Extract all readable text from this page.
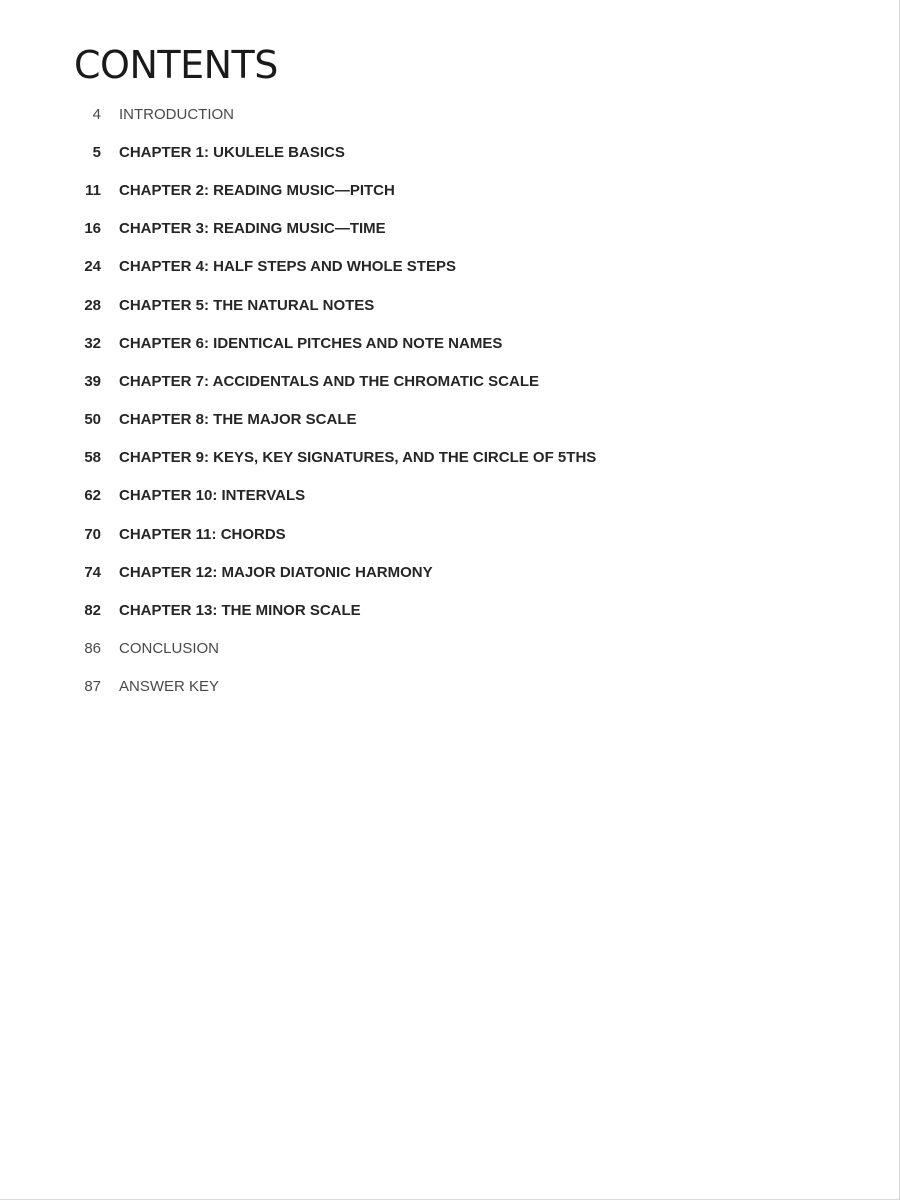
CONTENTS
4	INTRODUCTION
5	CHAPTER 1: UKULELE BASICS
11	CHAPTER 2: READING MUSIC—PITCH
16	CHAPTER 3: READING MUSIC—TIME
24	CHAPTER 4: HALF STEPS AND WHOLE STEPS
28	CHAPTER 5: THE NATURAL NOTES
32	CHAPTER 6: IDENTICAL PITCHES AND NOTE NAMES
39	CHAPTER 7: ACCIDENTALS AND THE CHROMATIC SCALE
50	CHAPTER 8: THE MAJOR SCALE
58	CHAPTER 9: KEYS, KEY SIGNATURES, AND THE CIRCLE OF 5THS
62	CHAPTER 10: INTERVALS
70	CHAPTER 11: CHORDS
74	CHAPTER 12: MAJOR DIATONIC HARMONY
82	CHAPTER 13: THE MINOR SCALE
86	CONCLUSION
87	ANSWER KEY
